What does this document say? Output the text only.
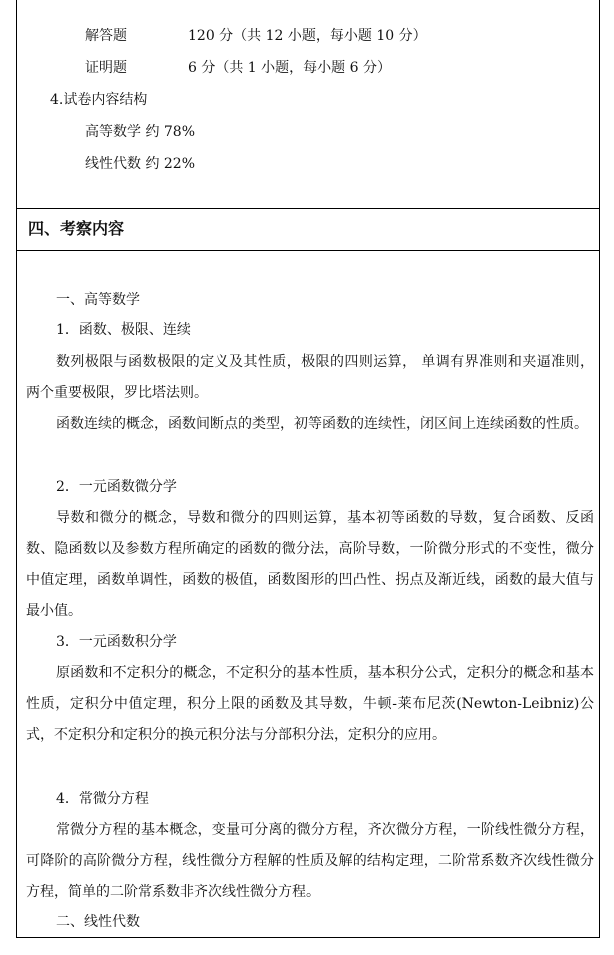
解答题	120 分（共 12 小题，每小题 10 分）
证明题	6 分（共 1 小题，每小题 6 分）
4.试卷内容结构
高等数学 约 78%
线性代数 约 22%
四、考察内容
一、高等数学
1．函数、极限、连续
数列极限与函数极限的定义及其性质，极限的四则运算， 单调有界准则和夹逼准则， 两个重要极限，罗比塔法则。
函数连续的概念，函数间断点的类型，初等函数的连续性，闭区间上连续函数的性质。
2．一元函数微分学
导数和微分的概念，导数和微分的四则运算，基本初等函数的导数，复合函数、反函数、隐函数以及参数方程所确定的函数的微分法，高阶导数，一阶微分形式的不变性，微分中值定理，函数单调性，函数的极值，函数图形的凹凸性、拐点及渐近线，函数的最大值与最小值。
3．一元函数积分学
原函数和不定积分的概念，不定积分的基本性质，基本积分公式，定积分的概念和基本性质，定积分中值定理，积分上限的函数及其导数，牛顿-莱布尼茨(Newton-Leibniz)公式，不定积分和定积分的换元积分法与分部积分法，定积分的应用。
4．常微分方程
常微分方程的基本概念，变量可分离的微分方程，齐次微分方程，一阶线性微分方程，可降阶的高阶微分方程，线性微分方程解的性质及解的结构定理，二阶常系数齐次线性微分方程，简单的二阶常系数非齐次线性微分方程。
二、线性代数
